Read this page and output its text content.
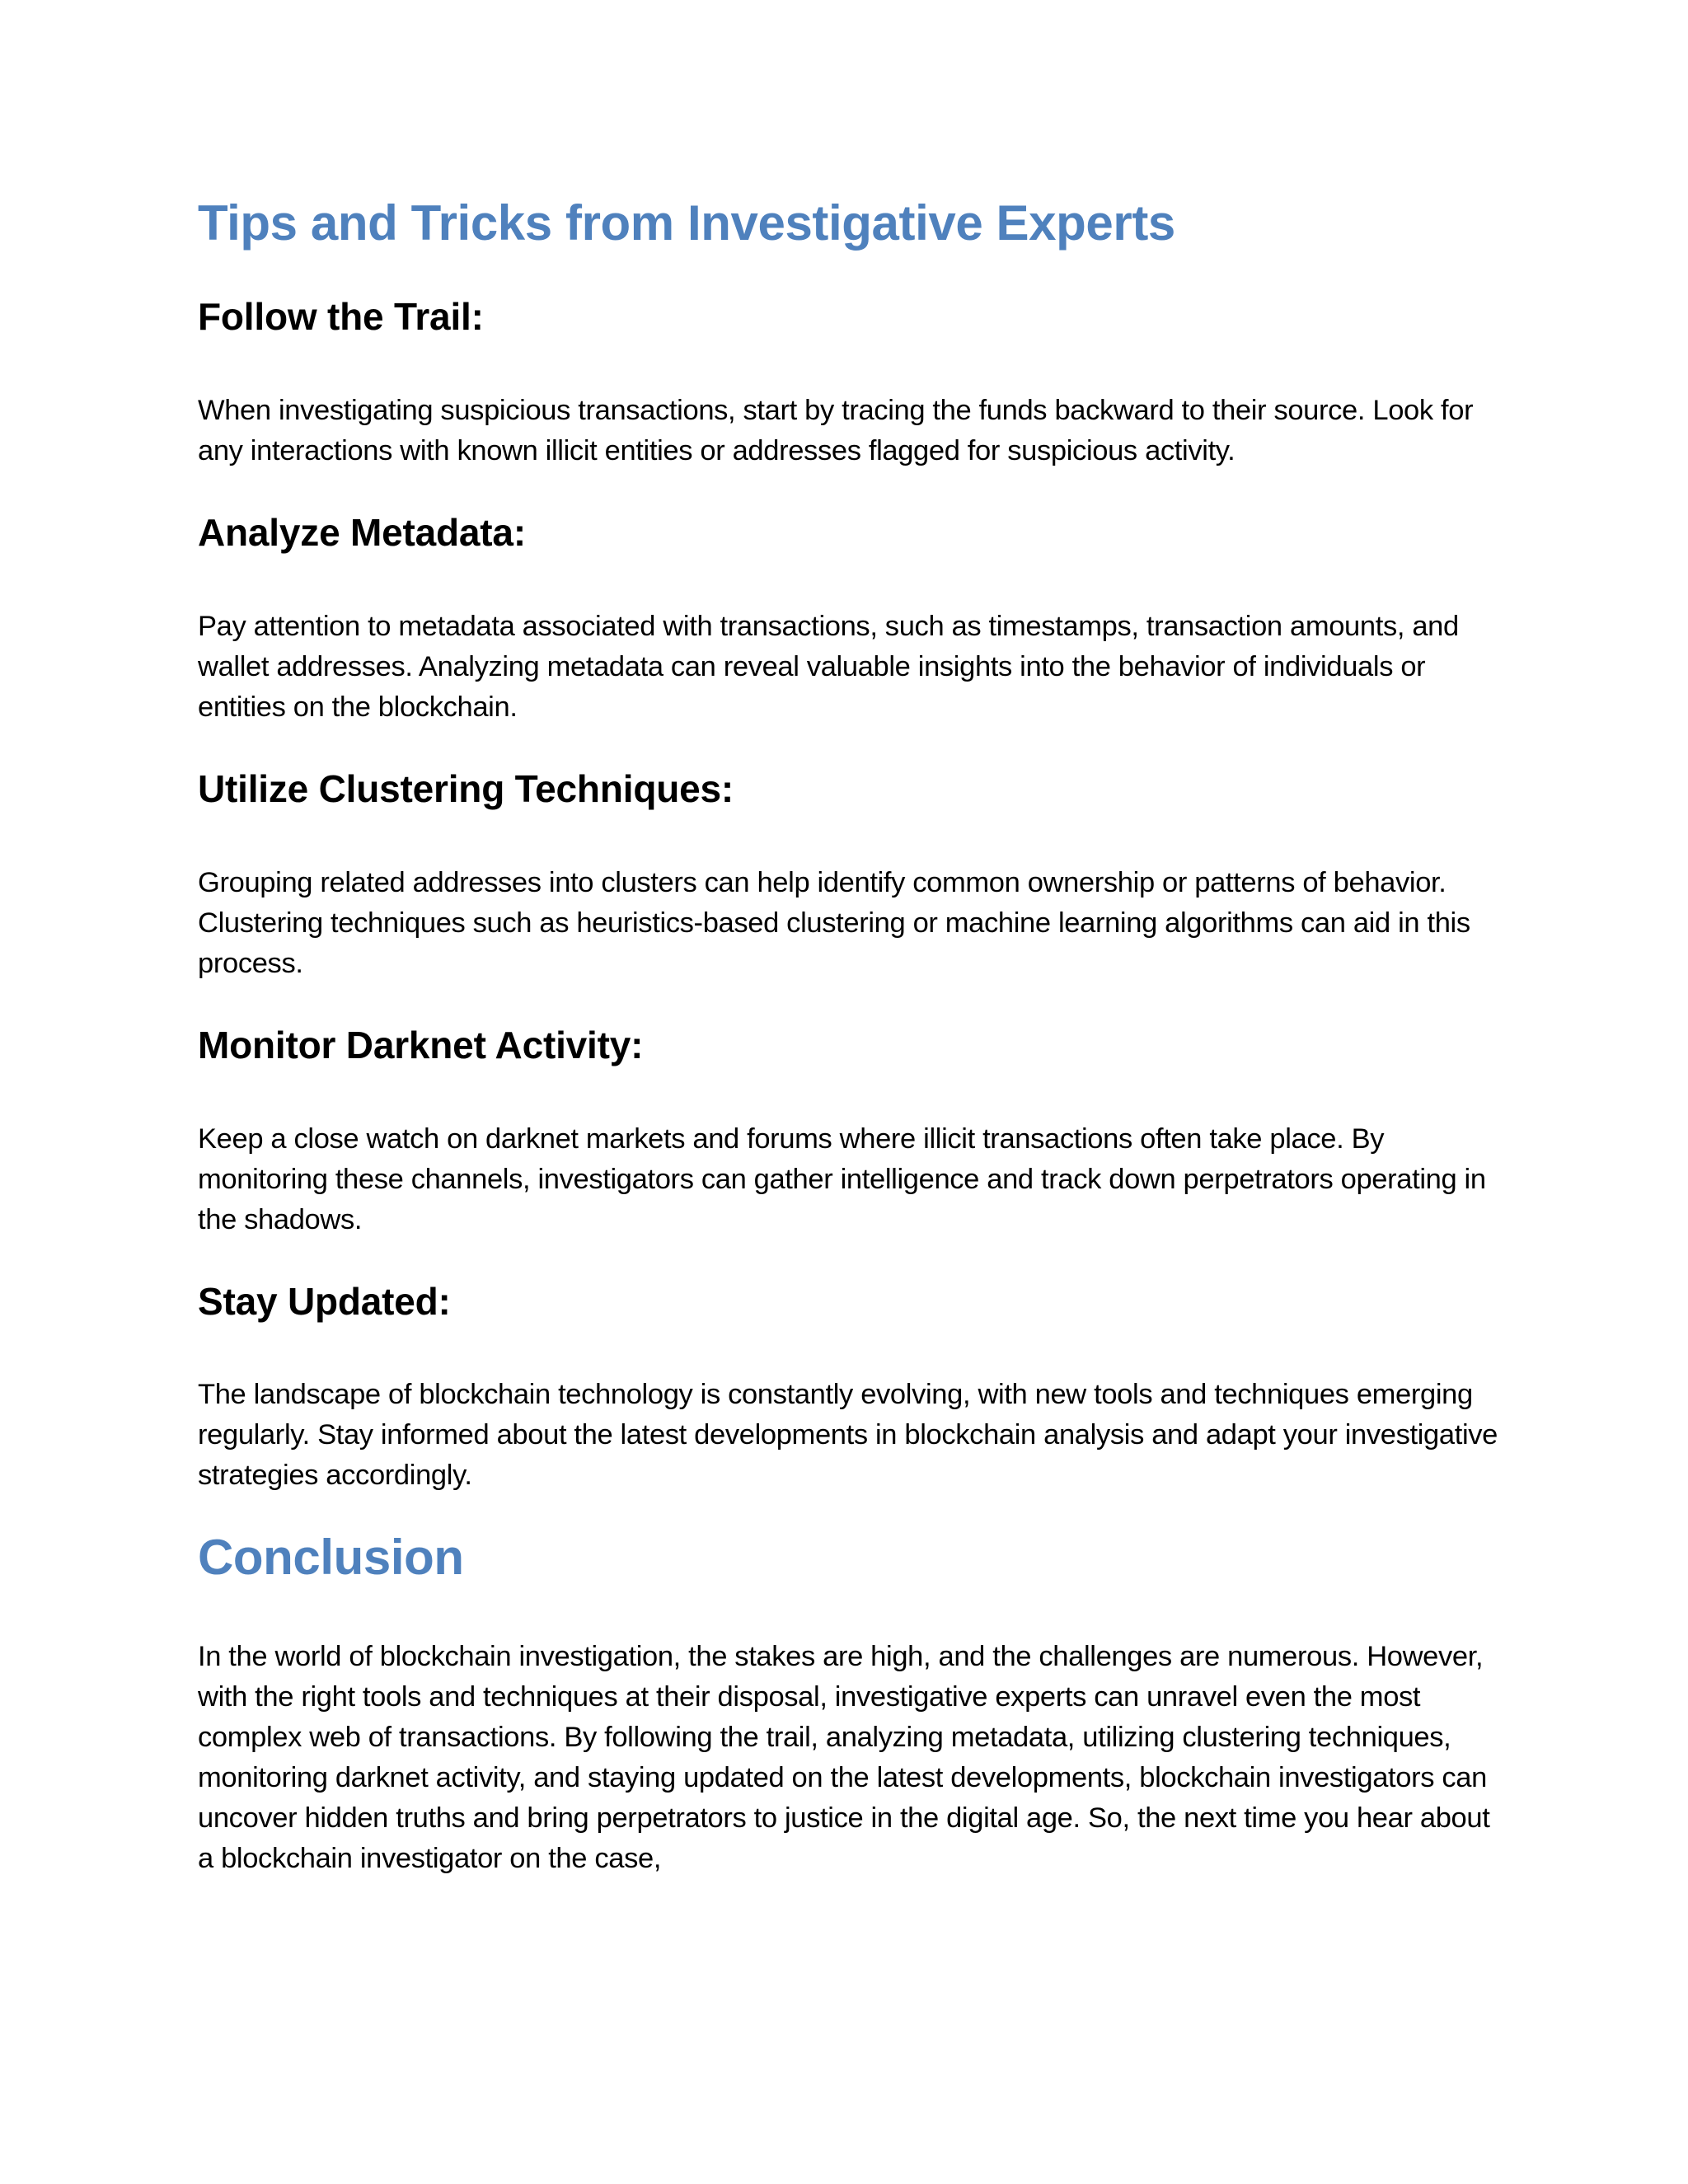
Tips and Tricks from Investigative Experts
Follow the Trail:

When investigating suspicious transactions, start by tracing the funds backward to their source. Look for any interactions with known illicit entities or addresses flagged for suspicious activity.

Analyze Metadata:

Pay attention to metadata associated with transactions, such as timestamps, transaction amounts, and wallet addresses. Analyzing metadata can reveal valuable insights into the behavior of individuals or entities on the blockchain.

Utilize Clustering Techniques:

Grouping related addresses into clusters can help identify common ownership or patterns of behavior. Clustering techniques such as heuristics-based clustering or machine learning algorithms can aid in this process.

Monitor Darknet Activity:

Keep a close watch on darknet markets and forums where illicit transactions often take place. By monitoring these channels, investigators can gather intelligence and track down perpetrators operating in the shadows.

Stay Updated:

The landscape of blockchain technology is constantly evolving, with new tools and techniques emerging regularly. Stay informed about the latest developments in blockchain analysis and adapt your investigative strategies accordingly.

Conclusion

In the world of blockchain investigation, the stakes are high, and the challenges are numerous. However, with the right tools and techniques at their disposal, investigative experts can unravel even the most complex web of transactions. By following the trail, analyzing metadata, utilizing clustering techniques, monitoring darknet activity, and staying updated on the latest developments, blockchain investigators can uncover hidden truths and bring perpetrators to justice in the digital age. So, the next time you hear about a blockchain investigator on the case,
